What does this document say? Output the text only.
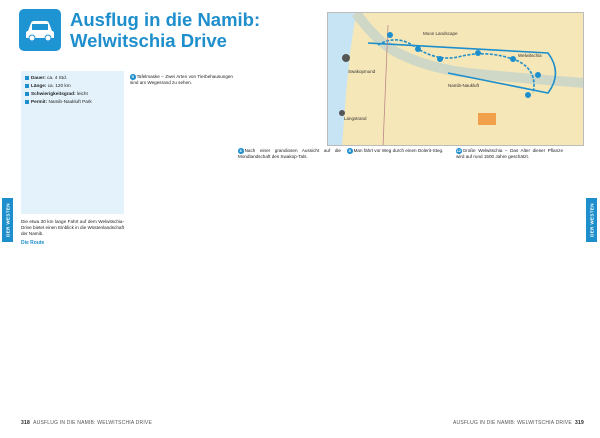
Ausflug in die Namib:
Welwitschia Drive
Swakopmund
Langstrand
Moon Landscape
Welwitschia
Namib-Naukluft
Dauer: ca. 4 Std.
Länge: ca. 120 km
Schwierigkeitsgrad: leicht
Permit: Namib-Naukluft Park

Die etwa 30 km lange Fahrt auf dem Welwitschia-Drive bietet einen Einblick in die Wüstenlandschaft der Namib.

Die Route

5 Tafelmaske – Zwei Arten von Tierbehausungen sind am Wegesrand zu sehen.

6 Nach einer grandiosen Aussicht auf die Mondlandschaft des Swakop-Tals.

8 Man fährt vor Weg durch einen Dolerit-Steg.	12 Große Welwitschia – Das Alter dieser Pflanze wird auf rund 1500 Jahre geschätzt.

DER WESTEN	DER WESTEN
318 AUSFLUG IN DIE NAMIB: WELWITSCHIA DRIVE	AUSFLUG IN DIE NAMIB: WELWITSCHIA DRIVE 319
